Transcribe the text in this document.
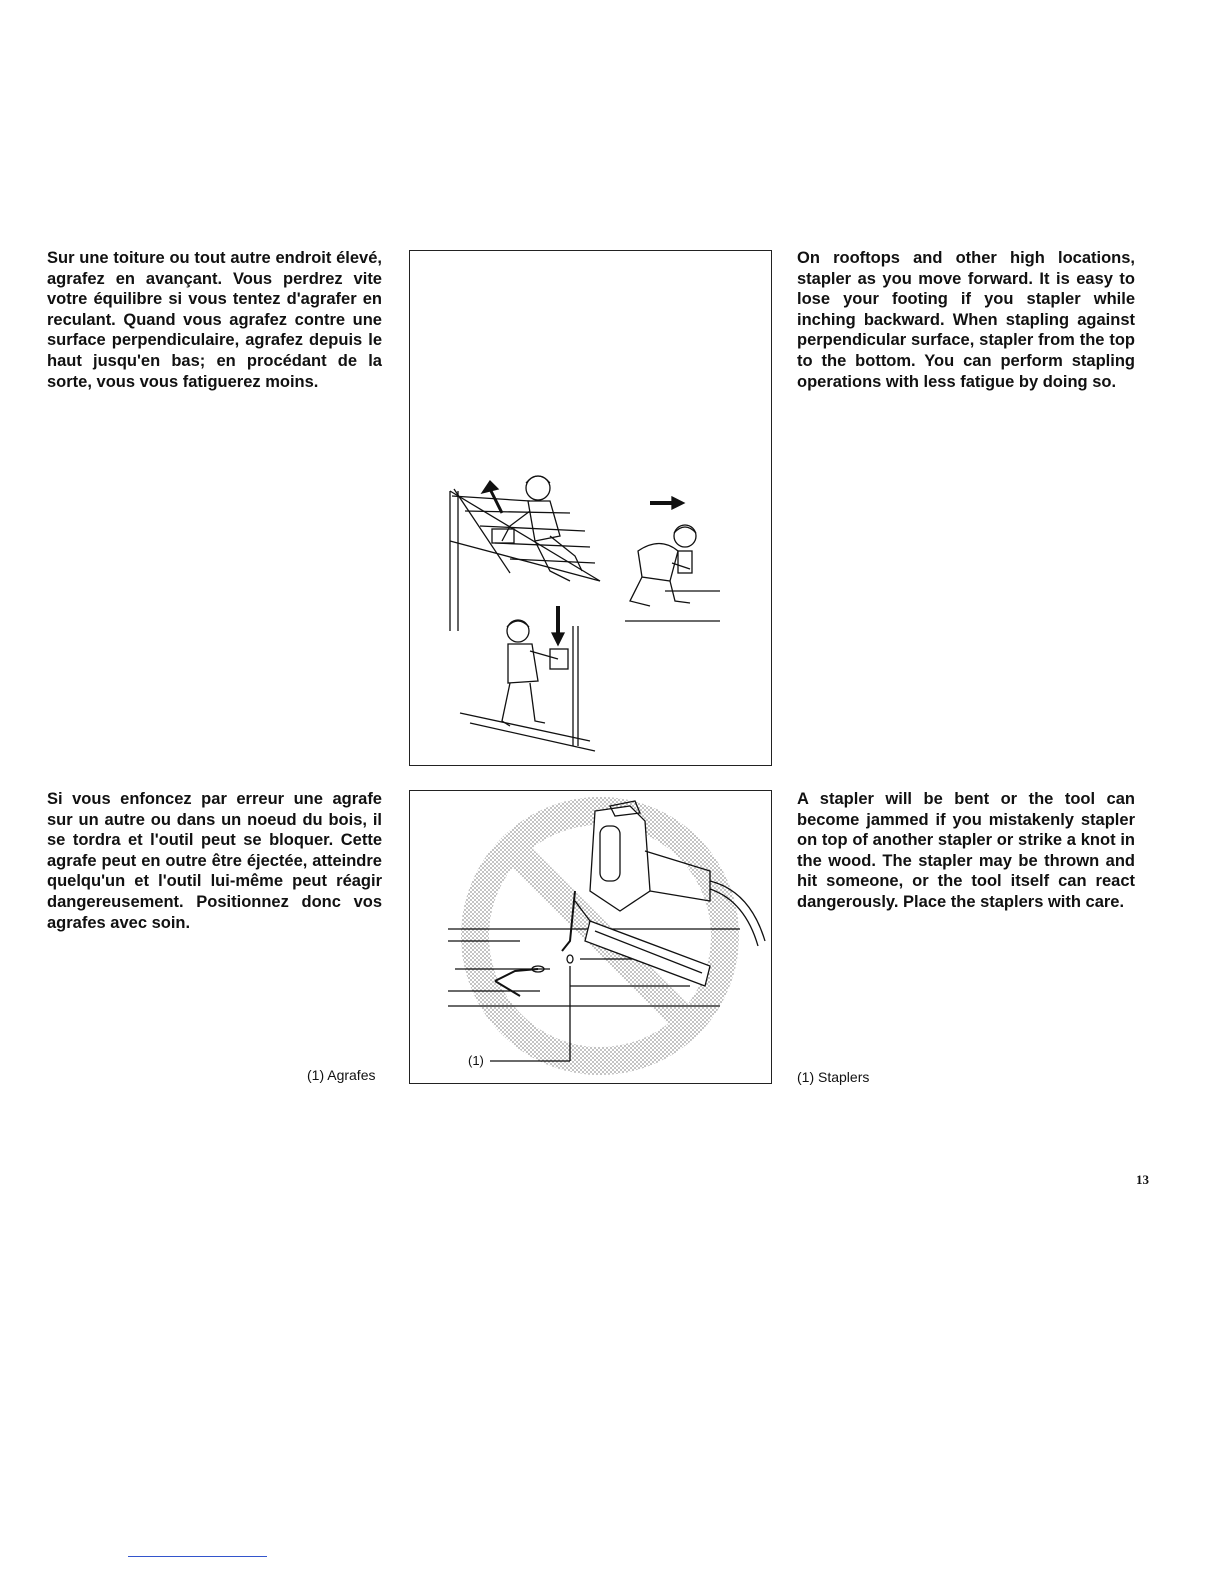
Sur une toiture ou tout autre endroit élevé, agrafez en avançant. Vous perdrez vite votre équilibre si vous tentez d'agrafer en reculant. Quand vous agrafez contre une surface perpendiculaire, agrafez depuis le haut jusqu'en bas; en procédant de la sorte, vous vous fatiguerez moins.

On rooftops and other high locations, stapler as you move forward. It is easy to lose your footing if you stapler while inching backward. When stapling against perpendicular surface, stapler from the top to the bottom. You can perform stapling operations with less fatigue by doing so.

Si vous enfoncez par erreur une agrafe sur un autre ou dans un noeud du bois, il se tordra et l'outil peut se bloquer. Cette agrafe peut en outre être éjectée, atteindre quelqu'un et l'outil lui-même peut réagir dangereusement. Positionnez donc vos agrafes avec soin.

(1)

A stapler will be bent or the tool can become jammed if you mistakenly stapler on top of another stapler or strike a knot in the wood. The stapler may be thrown and hit someone, or the tool itself can react dangerously. Place the staplers with care.

(1) Agrafes	(1) Staplers
13
